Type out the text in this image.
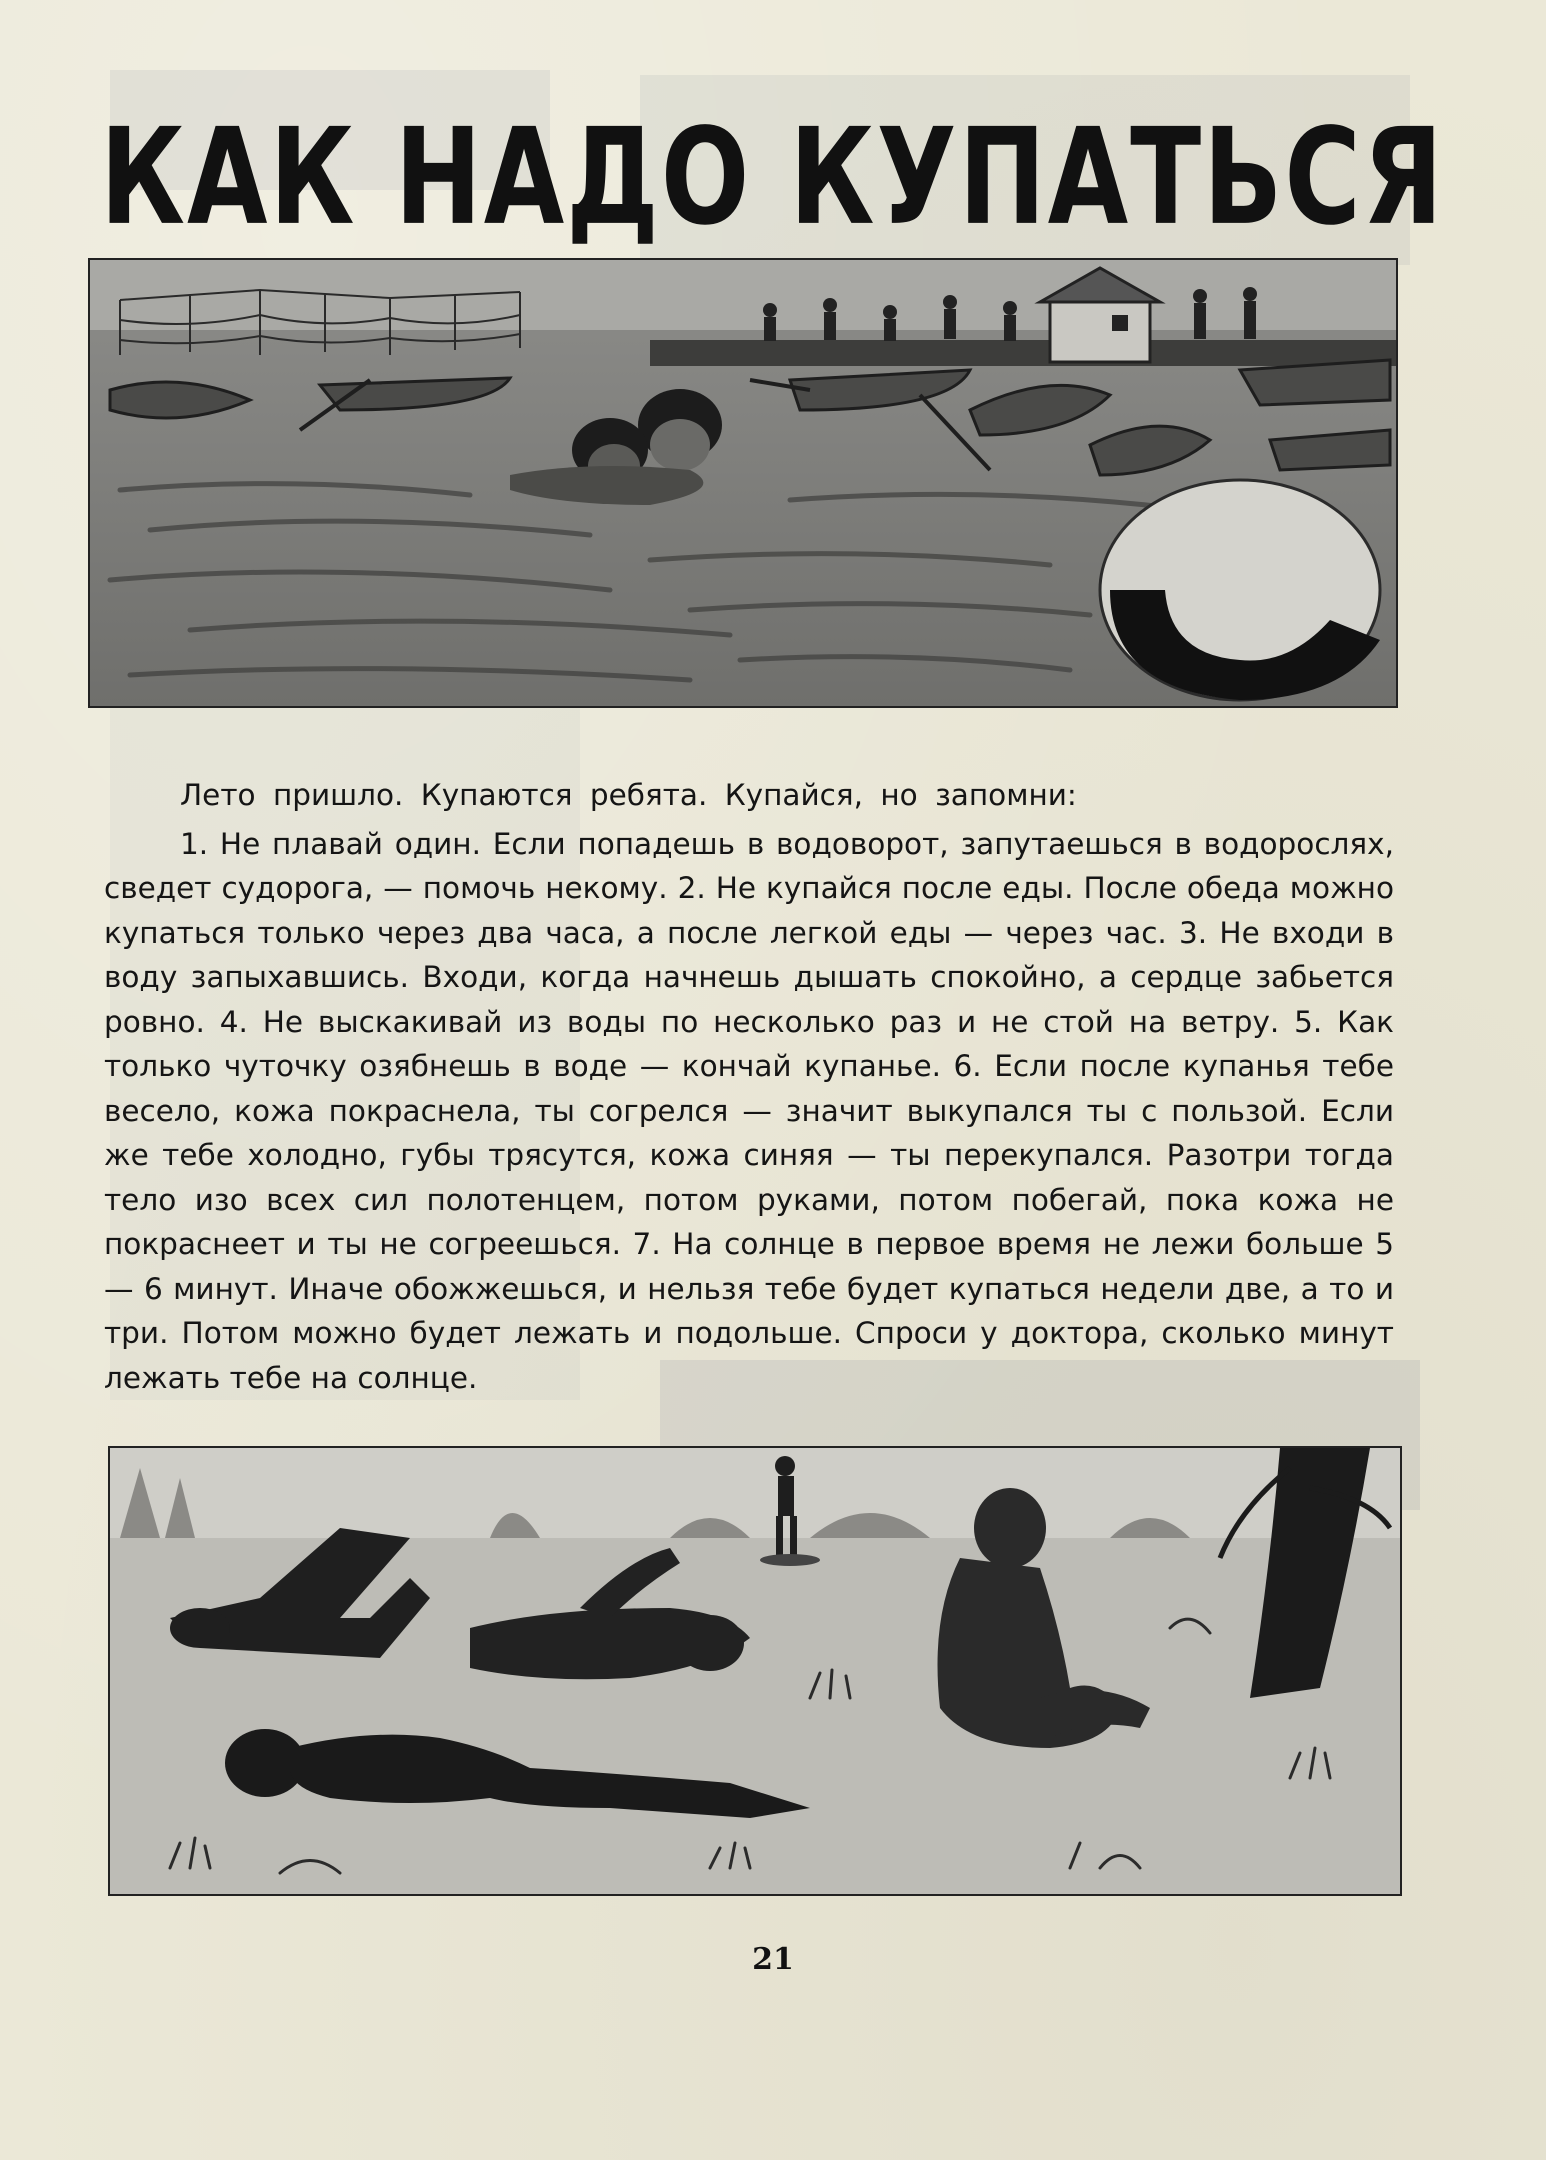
КАК НАДО КУПАТЬСЯ

Лето пришло. Купаются ребята. Купайся, но запомни:

1. Не плавай один. Если попадешь в водоворот, запутаешься в водорослях, сведет судорога, — помочь некому. 2. Не купайся после еды. После обеда можно купаться только через два часа, а после легкой еды — через час. 3. Не входи в воду запыхавшись. Входи, когда начнешь дышать спокойно, а сердце забьется ровно. 4. Не выскакивай из воды по несколько раз и не стой на ветру. 5. Как только чуточку озябнешь в воде — кончай купанье. 6. Если после купанья тебе весело, кожа покраснела, ты согрелся — значит выкупался ты с пользой. Если же тебе холодно, губы трясутся, кожа синяя — ты перекупался. Разотри тогда тело изо всех сил полотенцем, потом руками, потом побегай, пока кожа не покраснеет и ты не согреешься. 7. На солнце в первое время не лежи больше 5 — 6 минут. Иначе обожжешься, и нельзя тебе будет купаться недели две, а то и три. Потом можно будет лежать и подольше. Спроси у доктора, сколько минут лежать тебе на солнце.

21
